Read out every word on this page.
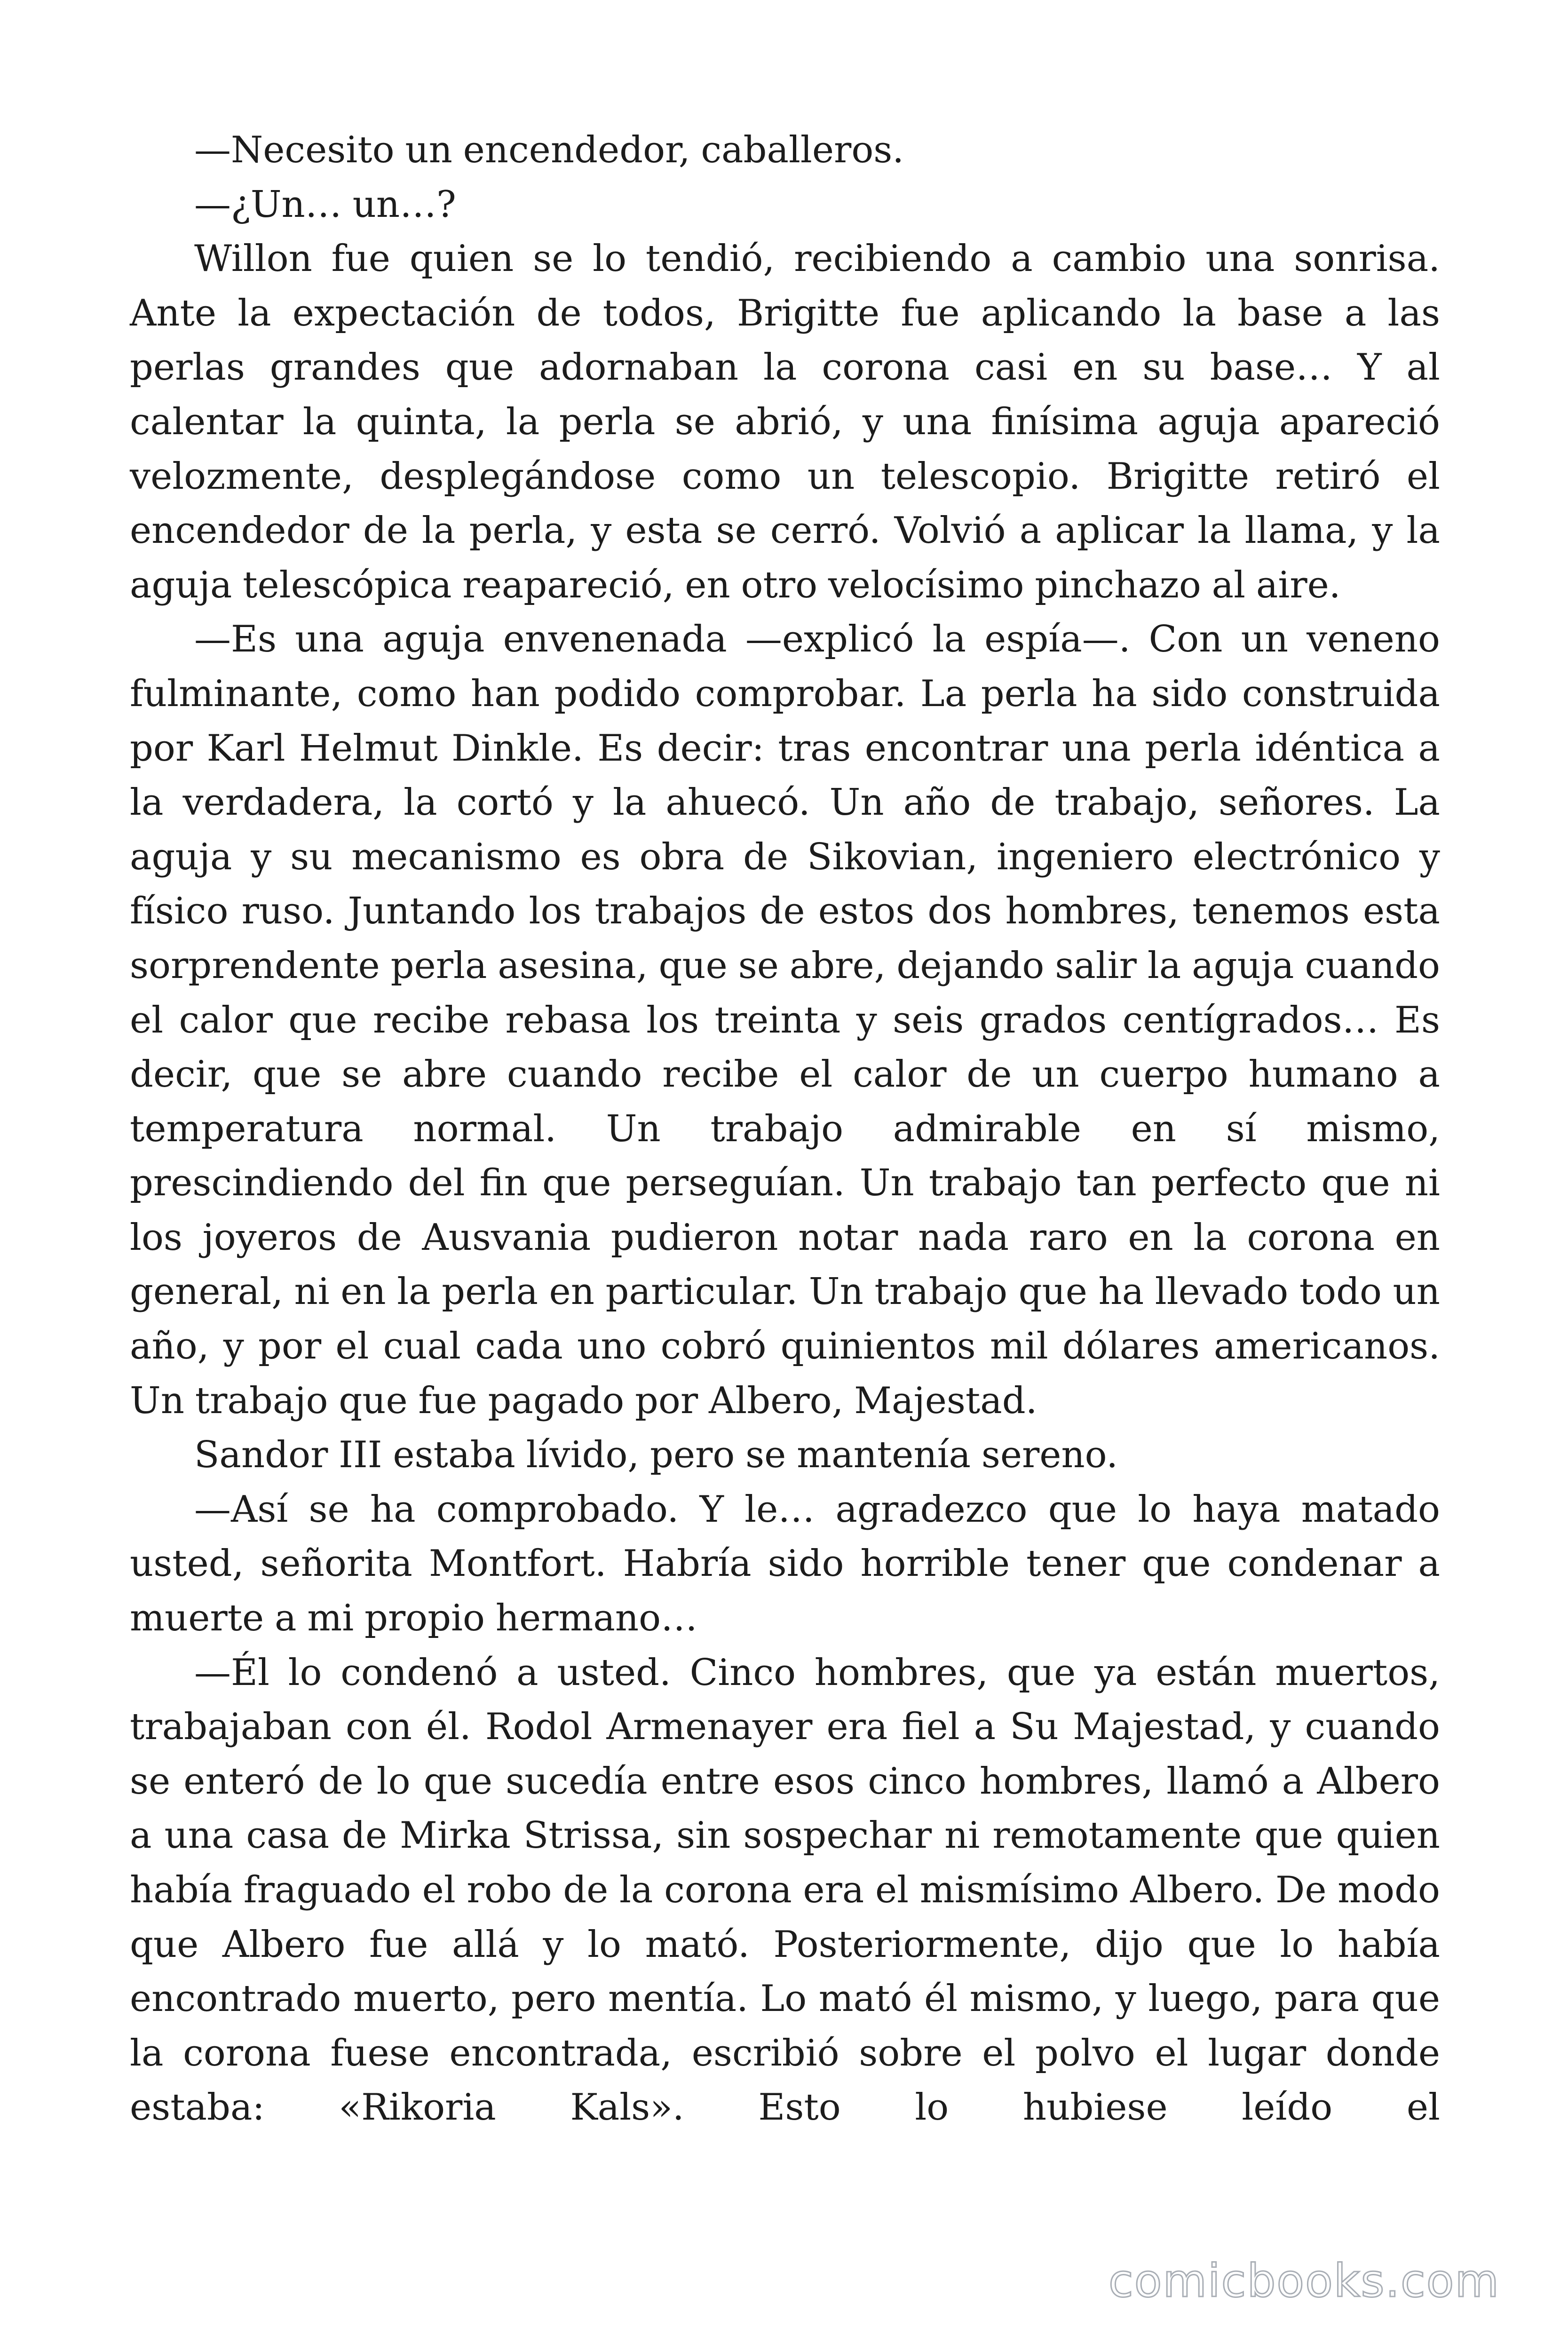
—Necesito un encendedor, caballeros.

—¿Un… un…?

Willon fue quien se lo tendió, recibiendo a cambio una sonrisa. Ante la expectación de todos, Brigitte fue aplicando la base a las perlas grandes que adornaban la corona casi en su base… Y al calentar la quinta, la perla se abrió, y una finísima aguja apareció velozmente, desplegándose como un telescopio. Brigitte retiró el encendedor de la perla, y esta se cerró. Volvió a aplicar la llama, y la aguja telescópica reapareció, en otro velocísimo pinchazo al aire.

—Es una aguja envenenada —explicó la espía—. Con un veneno fulminante, como han podido comprobar. La perla ha sido construida por Karl Helmut Dinkle. Es decir: tras encontrar una perla idéntica a la verdadera, la cortó y la ahuecó. Un año de trabajo, señores. La aguja y su mecanismo es obra de Sikovian, ingeniero electrónico y físico ruso. Juntando los trabajos de estos dos hombres, tenemos esta sorprendente perla asesina, que se abre, dejando salir la aguja cuando el calor que recibe rebasa los treinta y seis grados centígrados… Es decir, que se abre cuando recibe el calor de un cuerpo humano a temperatura normal. Un trabajo admirable en sí mismo, prescindiendo del fin que perseguían. Un trabajo tan perfecto que ni los joyeros de Ausvania pudieron notar nada raro en la corona en general, ni en la perla en particular. Un trabajo que ha llevado todo un año, y por el cual cada uno cobró quinientos mil dólares americanos. Un trabajo que fue pagado por Albero, Majestad.

Sandor III estaba lívido, pero se mantenía sereno.

—Así se ha comprobado. Y le… agradezco que lo haya matado usted, señorita Montfort. Habría sido horrible tener que condenar a muerte a mi propio hermano…

—Él lo condenó a usted. Cinco hombres, que ya están muertos, trabajaban con él. Rodol Armenayer era fiel a Su Majestad, y cuando se enteró de lo que sucedía entre esos cinco hombres, llamó a Albero a una casa de Mirka Strissa, sin sospechar ni remotamente que quien había fraguado el robo de la corona era el mismísimo Albero. De modo que Albero fue allá y lo mató. Posteriormente, dijo que lo había encontrado muerto, pero mentía. Lo mató él mismo, y luego, para que la corona fuese encontrada, escribió sobre el polvo el lugar donde estaba: «Rikoria Kals». Esto lo hubiese leído el

comicbooks.com
